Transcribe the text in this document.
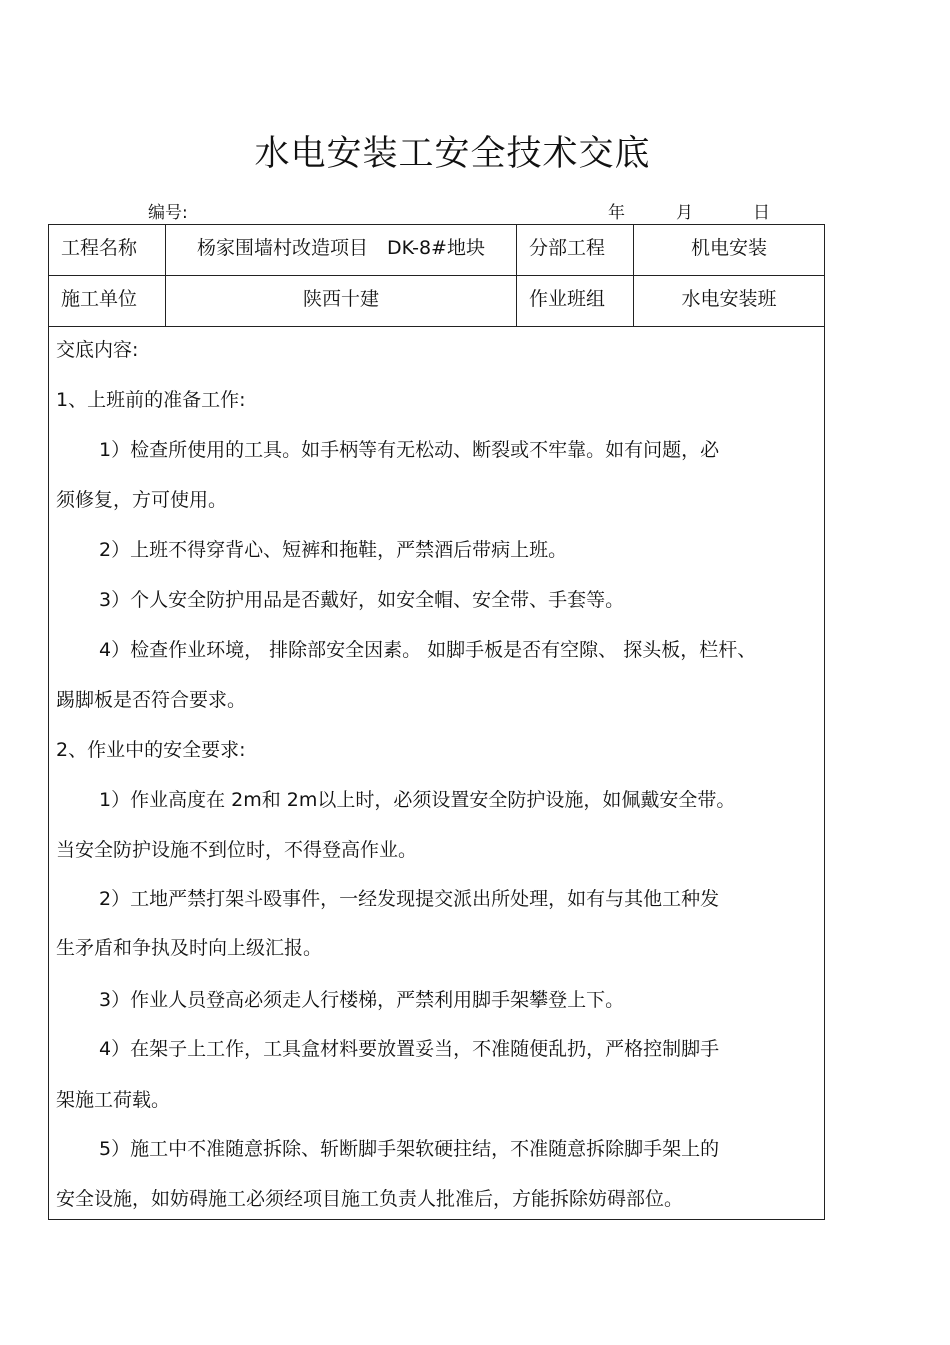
水电安装工安全技术交底
编号:	年	月	日
工程名称	杨家围墙村改造项目　DK-8#地块	分部工程	机电安装
施工单位	陕西十建	作业班组	水电安装班
交底内容:
1、上班前的准备工作:
1）检查所使用的工具。如手柄等有无松动、断裂或不牢靠。如有问题，必
须修复，方可使用。
2）上班不得穿背心、短裤和拖鞋，严禁酒后带病上班。
3）个人安全防护用品是否戴好，如安全帽、安全带、手套等。
4）检查作业环境， 排除部安全因素。 如脚手板是否有空隙、 探头板，栏杆、
踢脚板是否符合要求。
2、作业中的安全要求:
1）作业高度在 2m和 2m以上时，必须设置安全防护设施，如佩戴安全带。
当安全防护设施不到位时，不得登高作业。
2）工地严禁打架斗殴事件，一经发现提交派出所处理，如有与其他工种发
生矛盾和争执及时向上级汇报。
3）作业人员登高必须走人行楼梯，严禁利用脚手架攀登上下。
4）在架子上工作，工具盒材料要放置妥当，不准随便乱扔，严格控制脚手
架施工荷载。
5）施工中不准随意拆除、斩断脚手架软硬拄结，不准随意拆除脚手架上的
安全设施，如妨碍施工必须经项目施工负责人批准后，方能拆除妨碍部位。
